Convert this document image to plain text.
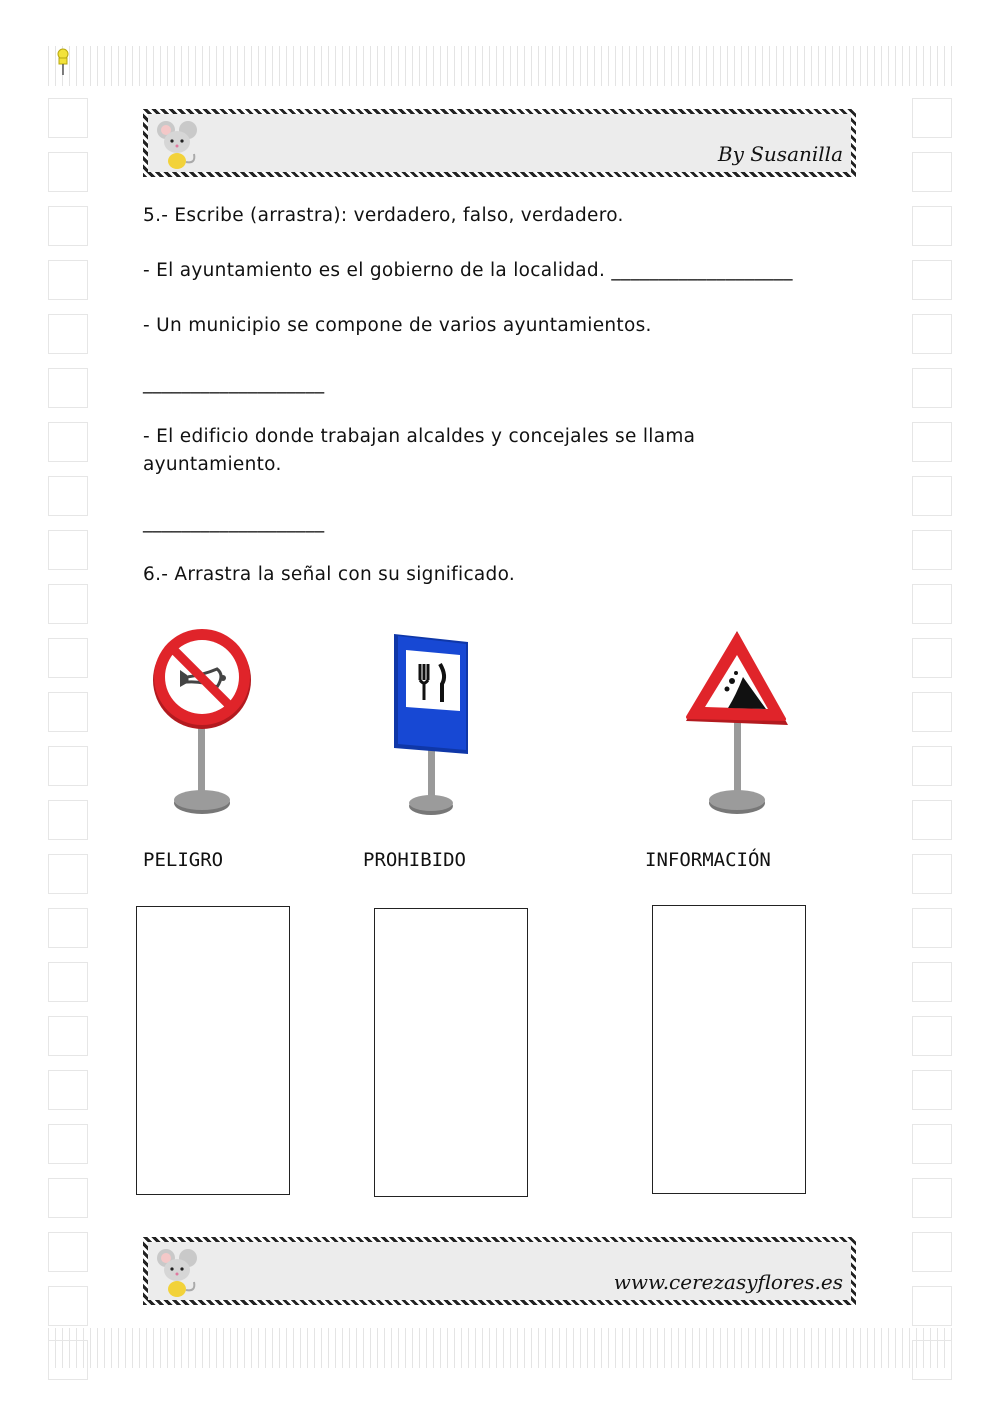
By Susanilla
5.- Escribe (arrastra): verdadero, falso, verdadero.
- El ayuntamiento es el gobierno de la localidad. ___________________
- Un municipio se compone de varios ayuntamientos.
___________________
- El edificio donde trabajan alcaldes y concejales se llama
ayuntamiento.
___________________
6.- Arrastra la señal con su significado.
PELIGRO	PROHIBIDO	INFORMACIÓN
www.cerezasyflores.es
